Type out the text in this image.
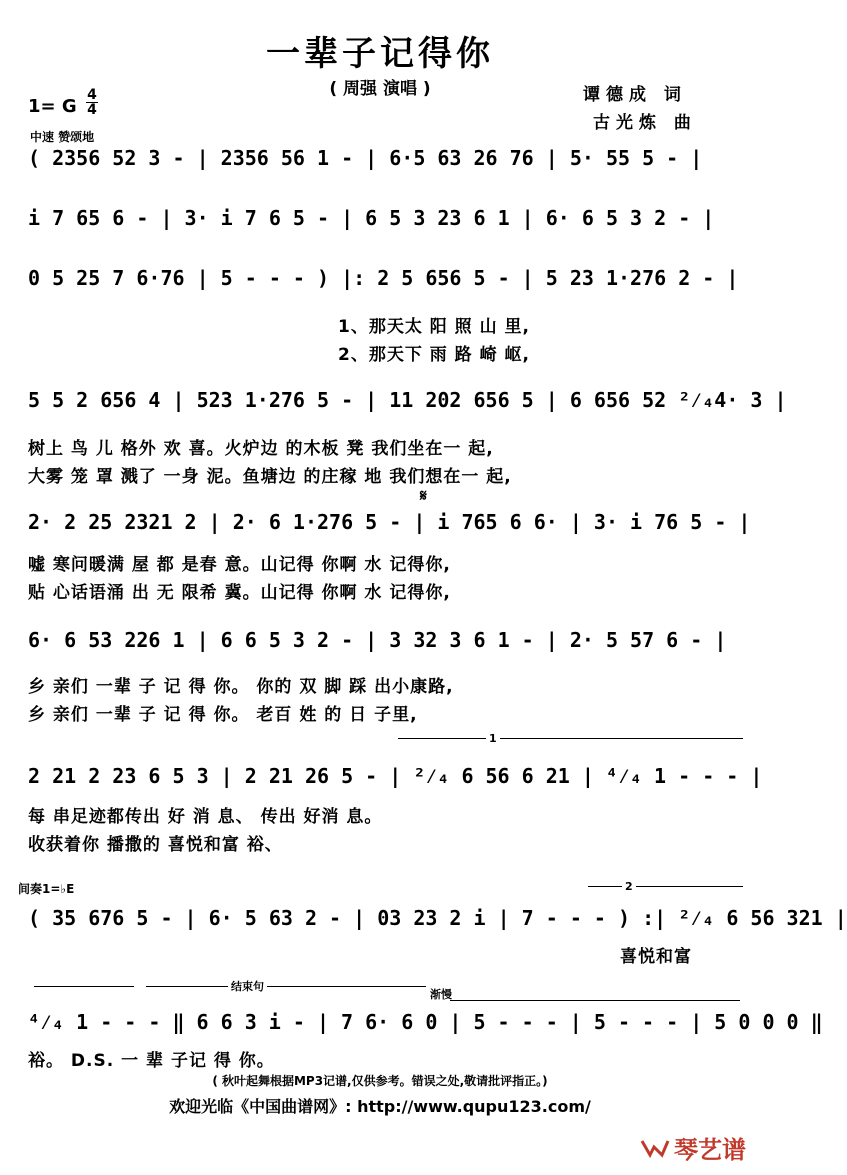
一辈子记得你
( 周强 演唱 )	谭德成 词
古光炼 曲
1= G
4
4
中速 赞颂地
( 2356 52 3 - | 2356 56 1 - | 6·5 63 26 76 | 5· 55 5 - |
i 7 65 6 - | 3· i 7 6 5 - | 6 5 3 23 6 1 | 6· 6 5 3 2 - |
0 5 25 7 6·76 | 5 - - - ) |: 2 5 656 5 - | 5 23 1·276 2 - |
1、那天太 阳 照 山 里,
2、那天下 雨 路 崎 岖,
5 5 2 656 4 | 523 1·276 5 - | 11 202 656 5 | 6 656 52 ²⁄₄4· 3 |
树上 鸟 儿 格外 欢 喜。火炉边 的木板 凳 我们坐在一 起,
大雾 笼 罩 溅了 一身 泥。鱼塘边 的庄稼 地 我们想在一 起,
𝄋
2· 2 25 2321 2 | 2· 6 1·276 5 - | i 765 6 6· | 3· i 76 5 - |
嘘 寒问暖满 屋 都 是春 意。山记得 你啊 水 记得你,
贴 心话语涌 出 无 限希 冀。山记得 你啊 水 记得你,
6· 6 53 226 1 | 6 6 5 3 2 - | 3 32 3 6 1 - | 2· 5 57 6 - |
乡 亲们 一辈 子 记 得 你。 你的 双 脚 踩 出小康路,
乡 亲们 一辈 子 记 得 你。 老百 姓 的 日 子里,
1
2 21 2 23 6 5 3 | 2 21 26 5 - | ²⁄₄ 6 56 6 21 | ⁴⁄₄ 1 - - - |
每 串足迹都传出 好 消 息、 传出 好消 息。
收获着你 播撒的 喜悦和富 裕、
间奏1=♭E	2
( 35 676 5 - | 6· 5 63 2 - | 03 23 2 i | 7 - - - ) :| ²⁄₄ 6 56 321 |
喜悦和富
结束句
渐慢
⁴⁄₄ 1 - - - ‖ 6 6 3 i - | 7 6· 6 0 | 5 - - - | 5 - - - | 5 0 0 0 ‖
裕。 D.S. 一 辈 子记 得 你。
( 秋叶起舞根据MP3记谱,仅供参考。错误之处,敬请批评指正。)
欢迎光临《中国曲谱网》: http://www.qupu123.com/
琴艺谱
